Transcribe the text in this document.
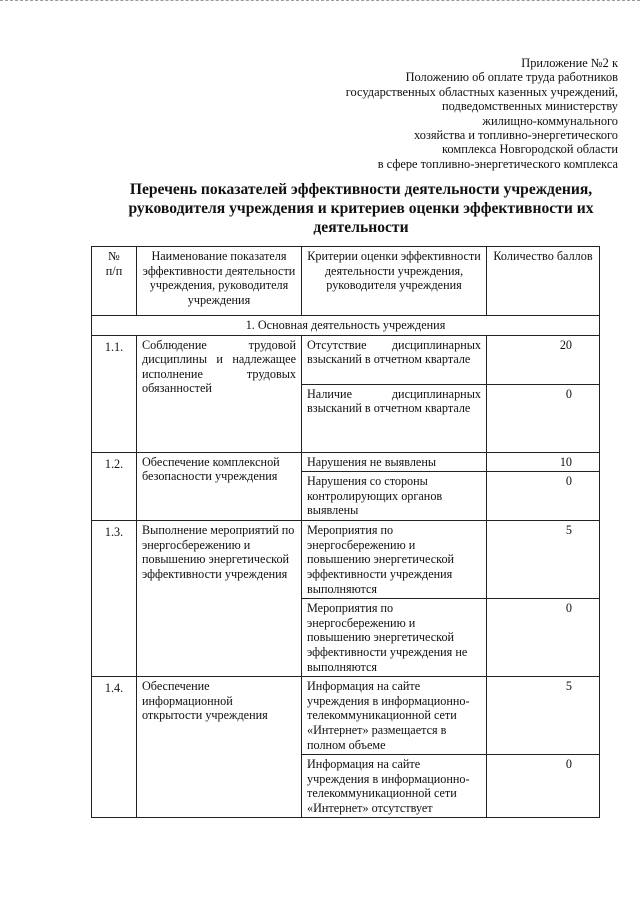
Приложение №2 к
Положению об оплате труда работников
государственных областных казенных учреждений,
подведомственных министерству
жилищно-коммунального
хозяйства и топливно-энергетического
комплекса Новгородской области
в сфере топливно-энергетического комплекса
Перечень показателей эффективности деятельности учреждения,
руководителя учреждения и критериев оценки эффективности их
деятельности
№
п/п	Наименование показателя эффективности деятельности учреждения, руководителя учреждения	Критерии оценки эффективности деятельности учреждения, руководителя учреждения	Количество баллов
1. Основная деятельность учреждения			
1.1.	Соблюдение трудовой дисциплины и надлежащее исполнение трудовых обязанностей	Отсутствие дисциплинарных взысканий в отчетном квартале	20

		Наличие дисциплинарных взысканий в отчетном квартале	0

1.2.	Обеспечение комплексной безопасности учреждения	Нарушения не выявлены	10

		Нарушения со стороны контролирующих органов выявлены	0

1.3.	Выполнение мероприятий по энергосбережению и повышению энергетической эффективности учреждения	Мероприятия по энергосбережению и повышению энергетической эффективности учреждения выполняются	5

		Мероприятия по энергосбережению и повышению энергетической эффективности учреждения не выполняются	0

1.4.	Обеспечение информационной открытости учреждения	Информация на сайте учреждения в информационно-телекоммуникационной сети «Интернет» размещается в полном объеме	5

		Информация на сайте учреждения в информационно-телекоммуникационной сети «Интернет» отсутствует	0
